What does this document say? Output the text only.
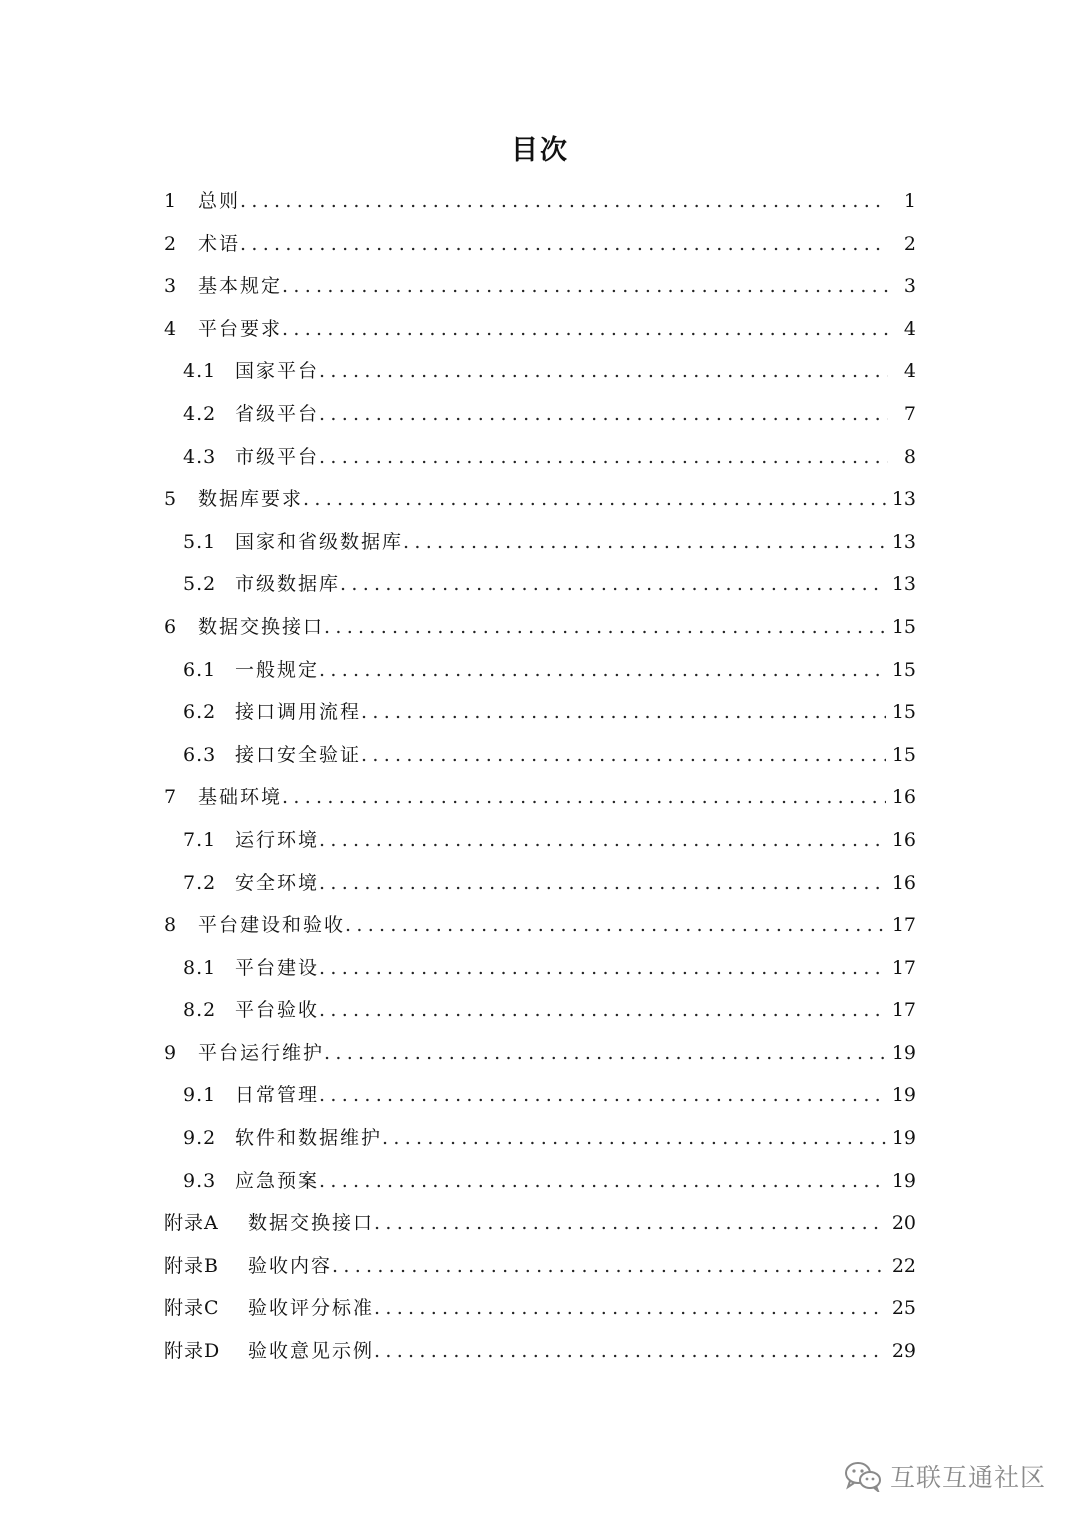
目次
1	总则 .....	1
2	术语 .....	2
3	基本规定 .....	3
4	平台要求 .....	4
4.1 国家平台 .....	4
4.2 省级平台 .....	7
4.3 市级平台 .....	8
5	数据库要求 .....	13
5.1 国家和省级数据库 .....	13
5.2 市级数据库 .....	13
6	数据交换接口 .....	15
6.1 一般规定 .....	15
6.2 接口调用流程 .....	15
6.3 接口安全验证 .....	15
7	基础环境 .....	16
7.1 运行环境 .....	16
7.2 安全环境 .....	16
8	平台建设和验收 .....	17
8.1 平台建设 .....	17
8.2 平台验收 .....	17
9	平台运行维护 .....	19
9.1 日常管理 .....	19
9.2 软件和数据维护 .....	19
9.3 应急预案 .....	19
附录A	数据交换接口 .....	20
附录B	验收内容 .....	22
附录C	验收评分标准 .....	25
附录D	验收意见示例 .....	29
互联互通社区
